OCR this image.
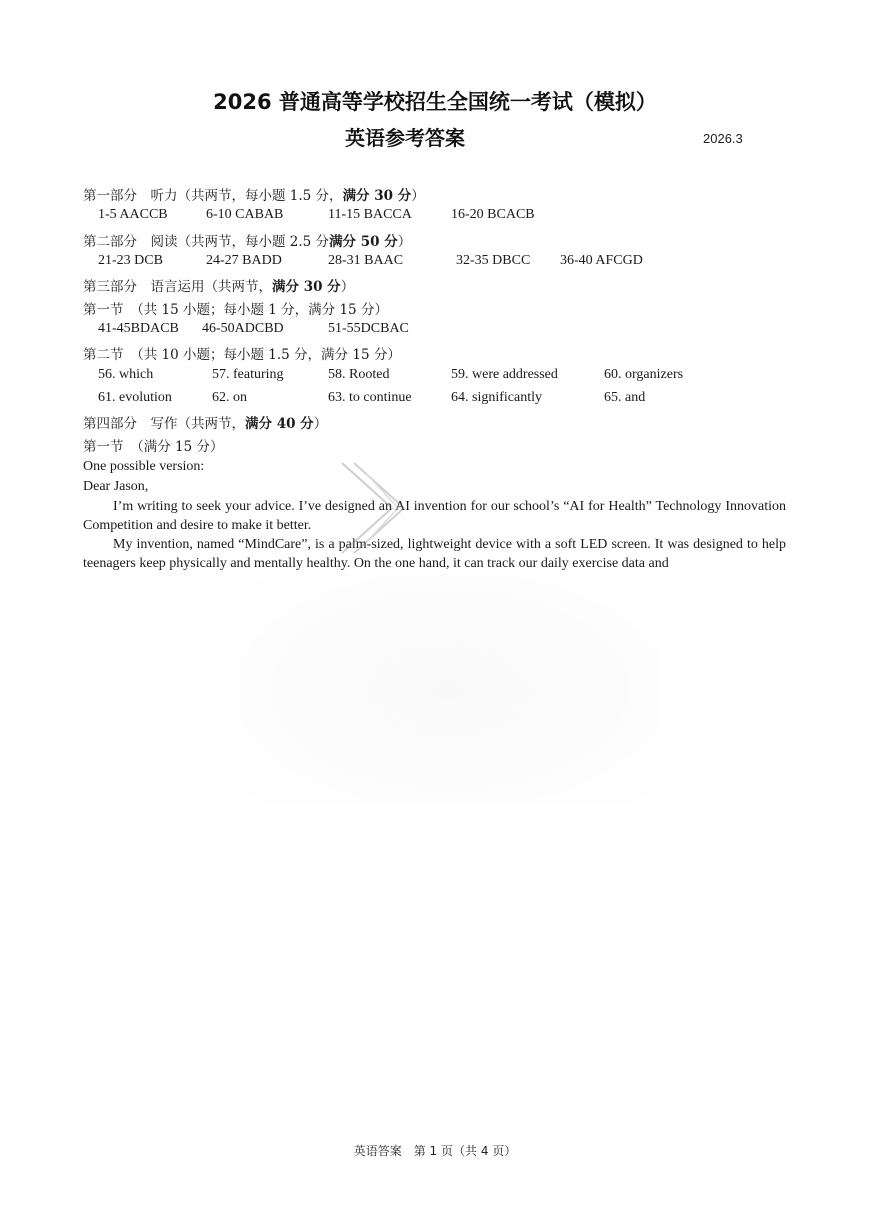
2026 普通高等学校招生全国统一考试（模拟）
英语参考答案	2026.3
第一部分　听力（共两节，每小题 1.5 分，满分 30 分）
1-5 AACCB	6-10 CABAB	11-15 BACCA	16-20 BCACB
第二部分　阅读（共两节，每小题 2.5 分满分 50 分）
21-23 DCB	24-27 BADD	28-31 BAAC	32-35 DBCC 36-40 AFCGD
第三部分　语言运用（共两节，满分 30 分）
第一节　（共 15 小题；每小题 1 分，满分 15 分）
41-45BDACB 46-50ADCBD	51-55DCBAC
第二节　（共 10 小题；每小题 1.5 分，满分 15 分）
56. which	57. featuring	58. Rooted	59. were addressed	60. organizers
61. evolution	62. on	63. to continue	64. significantly	65. and
第四部分　写作（共两节，满分 40 分）
第一节　（满分 15 分）
One possible version:
Dear Jason,
I’m writing to seek your advice. I’ve designed an AI invention for our school’s “AI for Health” Technology Innovation Competition and desire to make it better.
My invention, named “MindCare”, is a palm-sized, lightweight device with a soft LED screen. It was designed to help teenagers keep physically and mentally healthy. On the one hand, it can track our daily exercise data and
英语答案　第 1 页（共 4 页）
